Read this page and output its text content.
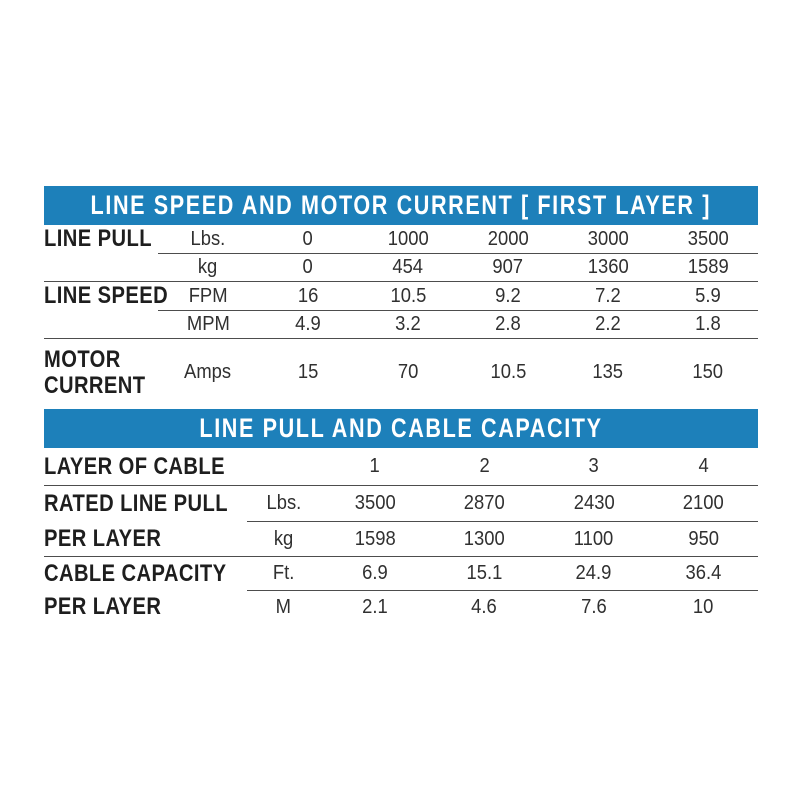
LINE SPEED AND MOTOR CURRENT [ FIRST LAYER ]
LINE PULL Lbs.	0	1000	2000	3000	3500
kg	0	454	907	1360	1589
LINE SPEED FPM	16	10.5	9.2	7.2	5.9
MPM	4.9	3.2	2.8	2.2	1.8
MOTOR
CURRENT Amps	15	70	10.5	135	150
LINE PULL AND CABLE CAPACITY
LAYER OF CABLE	1	2	3	4
RATED LINE PULL Lbs.	3500	2870	2430	2100
PER LAYER	kg	1598	1300	1100	950
CABLE CAPACITY Ft.	6.9	15.1	24.9	36.4
PER LAYER	M	2.1	4.6	7.6	10
